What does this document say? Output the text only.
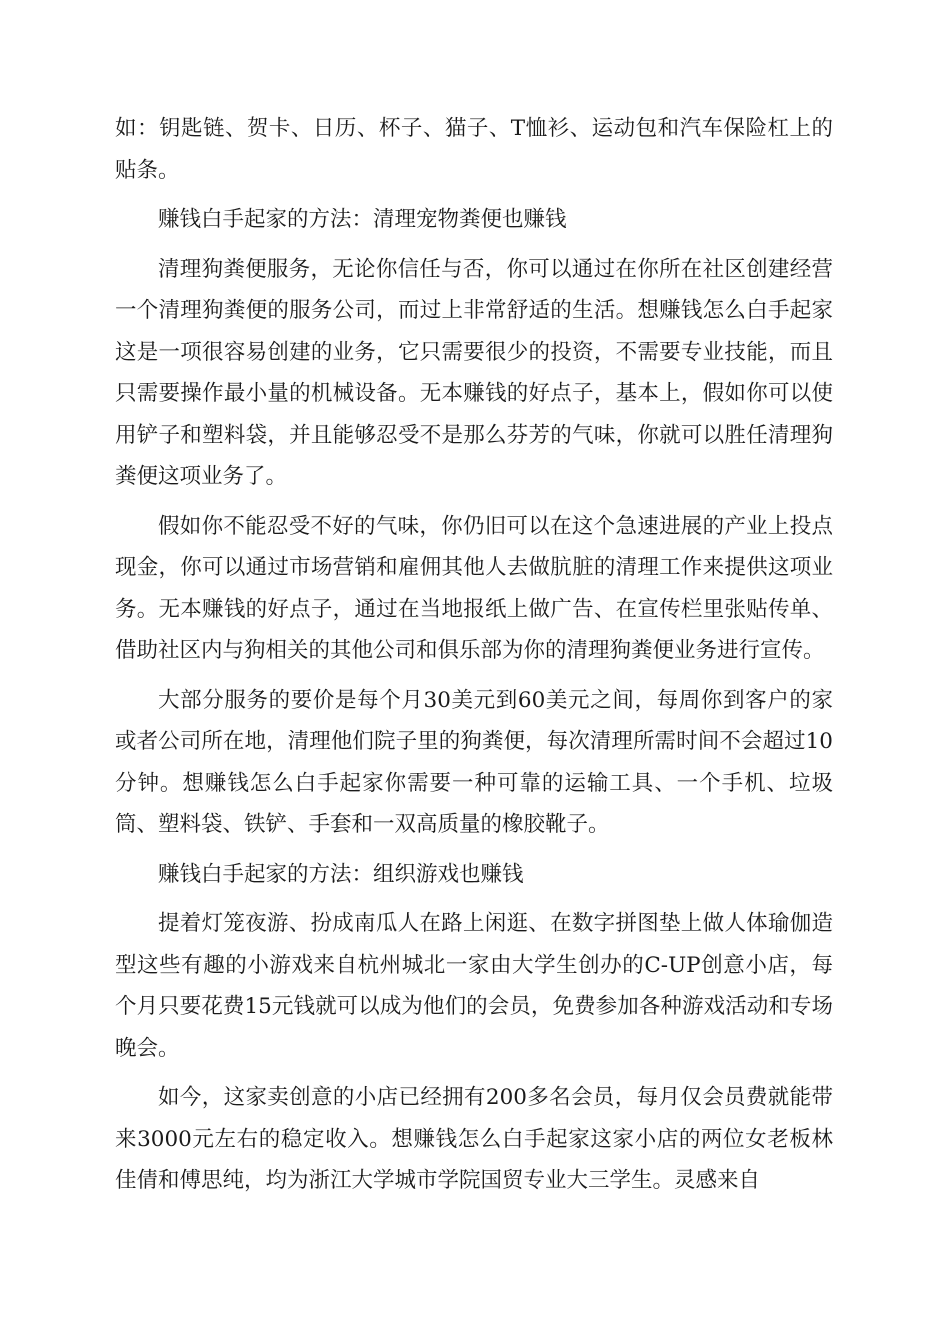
如：钥匙链、贺卡、日历、杯子、猫子、T恤衫、运动包和汽车保险杠上的贴条。

赚钱白手起家的方法：清理宠物粪便也赚钱

清理狗粪便服务，无论你信任与否，你可以通过在你所在社区创建经营一个清理狗粪便的服务公司，而过上非常舒适的生活。想赚钱怎么白手起家这是一项很容易创建的业务，它只需要很少的投资，不需要专业技能，而且只需要操作最小量的机械设备。无本赚钱的好点子，基本上，假如你可以使用铲子和塑料袋，并且能够忍受不是那么芬芳的气味，你就可以胜任清理狗粪便这项业务了。

假如你不能忍受不好的气味，你仍旧可以在这个急速进展的产业上投点现金，你可以通过市场营销和雇佣其他人去做肮脏的清理工作来提供这项业务。无本赚钱的好点子，通过在当地报纸上做广告、在宣传栏里张贴传单、借助社区内与狗相关的其他公司和俱乐部为你的清理狗粪便业务进行宣传。

大部分服务的要价是每个月30美元到60美元之间，每周你到客户的家或者公司所在地，清理他们院子里的狗粪便，每次清理所需时间不会超过10分钟。想赚钱怎么白手起家你需要一种可靠的运输工具、一个手机、垃圾筒、塑料袋、铁铲、手套和一双高质量的橡胶靴子。

赚钱白手起家的方法：组织游戏也赚钱

提着灯笼夜游、扮成南瓜人在路上闲逛、在数字拼图垫上做人体瑜伽造型这些有趣的小游戏来自杭州城北一家由大学生创办的C-UP创意小店，每个月只要花费15元钱就可以成为他们的会员，免费参加各种游戏活动和专场晚会。

如今，这家卖创意的小店已经拥有200多名会员，每月仅会员费就能带来3000元左右的稳定收入。想赚钱怎么白手起家这家小店的两位女老板林佳倩和傅思纯，均为浙江大学城市学院国贸专业大三学生。灵感来自
